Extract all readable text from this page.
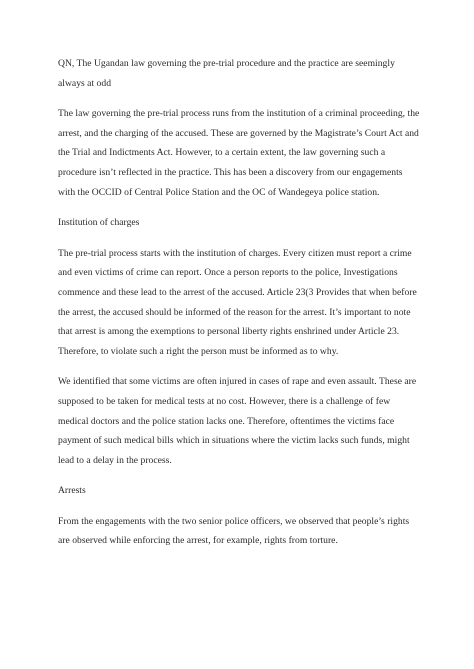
QN, The Ugandan law governing the pre-trial procedure and the practice are seemingly
always at odd

The law governing the pre-trial process runs from the institution of a criminal proceeding, the
arrest, and the charging of the accused. These are governed by the Magistrate’s Court Act and
the Trial and Indictments Act. However, to a certain extent, the law governing such a
procedure isn’t reflected in the practice. This has been a discovery from our engagements
with the OCCID of Central Police Station and the OC of Wandegeya police station.

Institution of charges

The pre-trial process starts with the institution of charges. Every citizen must report a crime
and even victims of crime can report. Once a person reports to the police, Investigations
commence and these lead to the arrest of the accused. Article 23(3 Provides that when before
the arrest, the accused should be informed of the reason for the arrest. It’s important to note
that arrest is among the exemptions to personal liberty rights enshrined under Article 23.
Therefore, to violate such a right the person must be informed as to why.

We identified that some victims are often injured in cases of rape and even assault. These are
supposed to be taken for medical tests at no cost. However, there is a challenge of few
medical doctors and the police station lacks one. Therefore, oftentimes the victims face
payment of such medical bills which in situations where the victim lacks such funds, might
lead to a delay in the process.

Arrests

From the engagements with the two senior police officers, we observed that people’s rights
are observed while enforcing the arrest, for example, rights from torture.
